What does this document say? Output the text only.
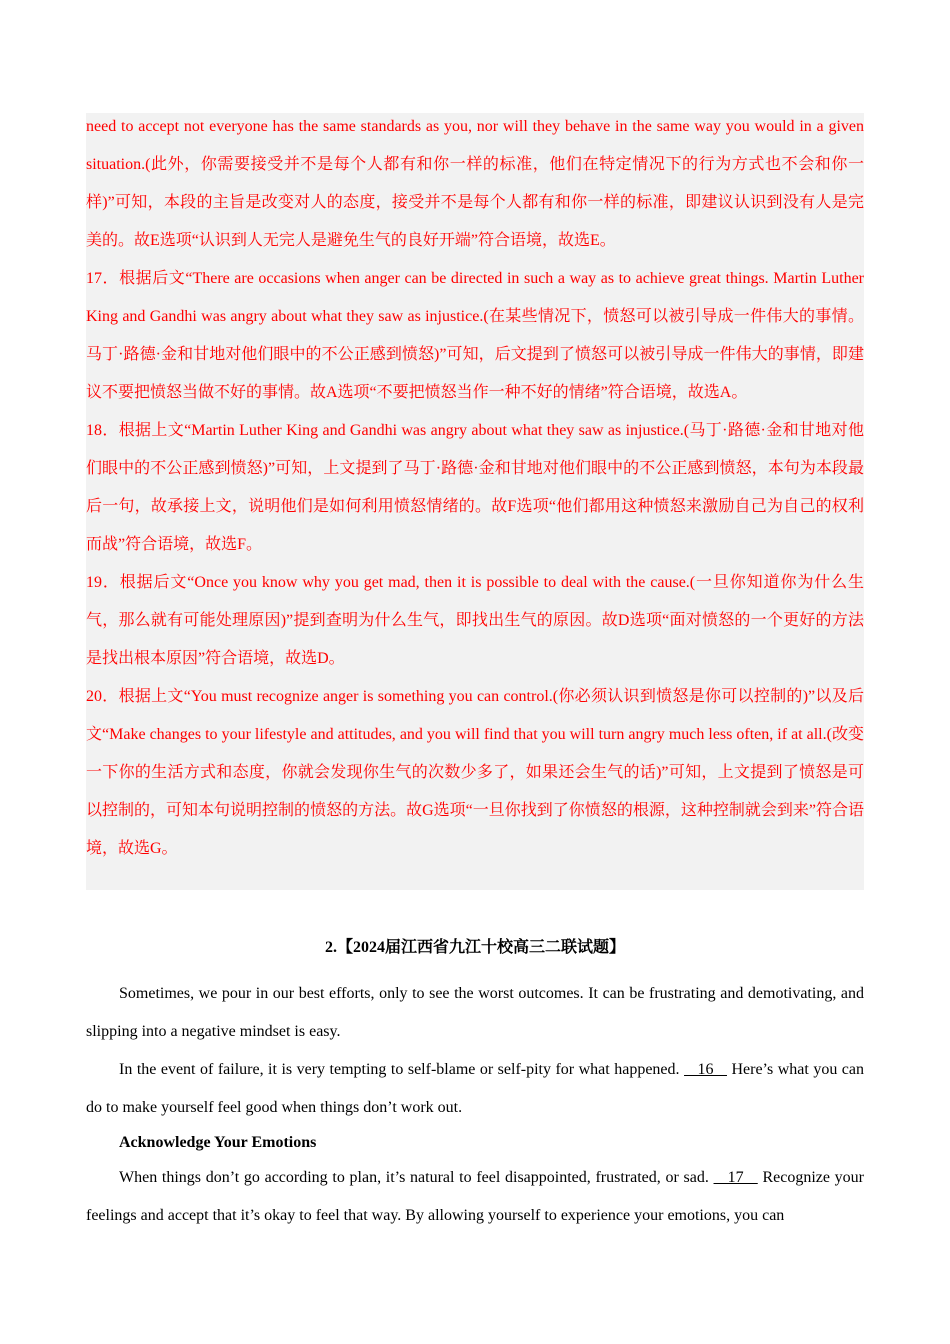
need to accept not everyone has the same standards as you, nor will they behave in the same way you would in a given situation.(此外，你需要接受并不是每个人都有和你一样的标准，他们在特定情况下的行为方式也不会和你一样)”可知，本段的主旨是改变对人的态度，接受并不是每个人都有和你一样的标准，即建议认识到没有人是完美的。故E选项“认识到人无完人是避免生气的良好开端”符合语境，故选E。

17．根据后文“There are occasions when anger can be directed in such a way as to achieve great things. Martin Luther King and Gandhi was angry about what they saw as injustice.(在某些情况下，愤怒可以被引导成一件伟大的事情。马丁·路德·金和甘地对他们眼中的不公正感到愤怒)”可知，后文提到了愤怒可以被引导成一件伟大的事情，即建议不要把愤怒当做不好的事情。故A选项“不要把愤怒当作一种不好的情绪”符合语境，故选A。

18．根据上文“Martin Luther King and Gandhi was angry about what they saw as injustice.(马丁·路德·金和甘地对他们眼中的不公正感到愤怒)”可知，上文提到了马丁·路德·金和甘地对他们眼中的不公正感到愤怒，本句为本段最后一句，故承接上文，说明他们是如何利用愤怒情绪的。故F选项“他们都用这种愤怒来激励自己为自己的权利而战”符合语境，故选F。

19．根据后文“Once you know why you get mad, then it is possible to deal with the cause.(一旦你知道你为什么生气，那么就有可能处理原因)”提到查明为什么生气，即找出生气的原因。故D选项“面对愤怒的一个更好的方法是找出根本原因”符合语境，故选D。

20．根据上文“You must recognize anger is something you can control.(你必须认识到愤怒是你可以控制的)”以及后文“Make changes to your lifestyle and attitudes, and you will find that you will turn angry much less often, if at all.(改变一下你的生活方式和态度，你就会发现你生气的次数少多了，如果还会生气的话)”可知，上文提到了愤怒是可以控制的，可知本句说明控制的愤怒的方法。故G选项“一旦你找到了你愤怒的根源，这种控制就会到来”符合语境，故选G。

2.【2024届江西省九江十校高三二联试题】

Sometimes, we pour in our best efforts, only to see the worst outcomes. It can be frustrating and demotivating, and slipping into a negative mindset is easy.

In the event of failure, it is very tempting to self-blame or self-pity for what happened.    16    Here’s what you can do to make yourself feel good when things don’t work out.

Acknowledge Your Emotions

When things don’t go according to plan, it’s natural to feel disappointed, frustrated, or sad.    17    Recognize your feelings and accept that it’s okay to feel that way. By allowing yourself to experience your emotions, you can
